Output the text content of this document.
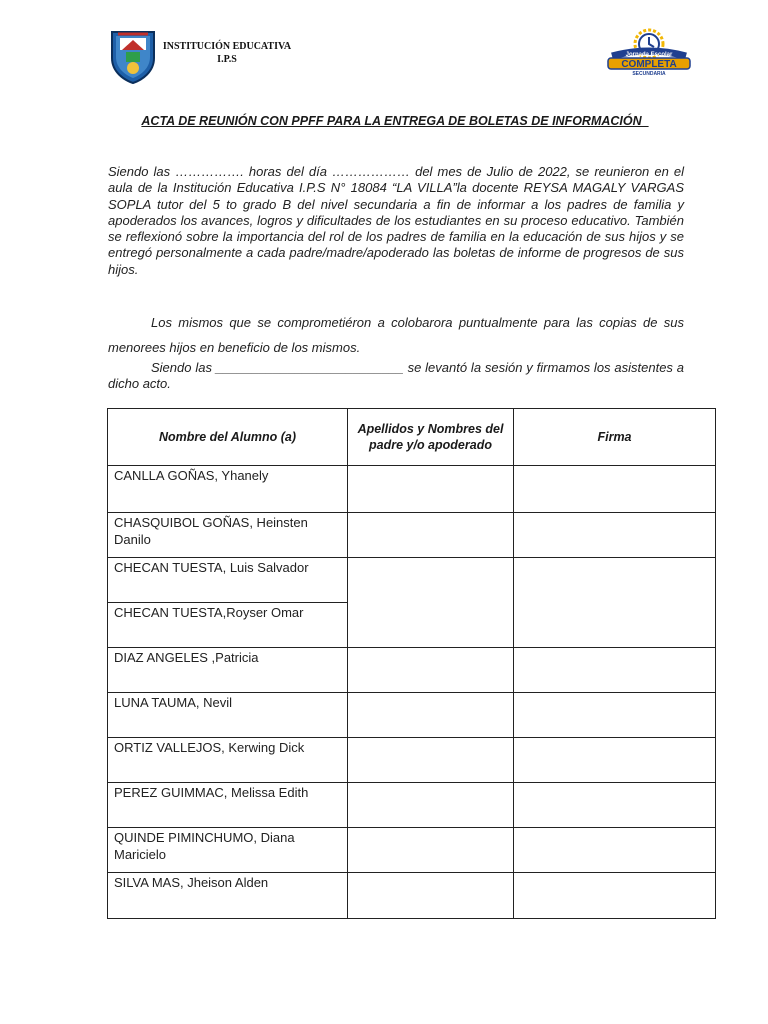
INSTITUCIÓN EDUCATIVA
I.P.S	Jornada Escolar
COMPLETA
SECUNDARIA
ACTA DE REUNIÓN CON PPFF PARA LA ENTREGA DE BOLETAS DE INFORMACIÓN
Siendo las ……………. horas del día ……………… del mes de Julio de 2022, se reunieron en el aula de la Institución Educativa I.P.S N° 18084 “LA VILLA”la docente REYSA MAGALY VARGAS SOPLA tutor del 5 to grado B del nivel secundaria a fin de informar a los padres de familia y apoderados los avances, logros y dificultades de los estudiantes en su proceso educativo. También se reflexionó sobre la importancia del rol de los padres de familia en la educación de sus hijos y se entregó personalmente a cada padre/madre/apoderado las boletas de informe de progresos de sus hijos.
Los mismos que se comprometiéron a colobarora puntualmente para las copias de sus menorees hijos en beneficio de los mismos.
Siendo las __________________________ se levantó la sesión y firmamos los asistentes a dicho acto.
Nombre del Alumno (a)	Apellidos y Nombres del padre y/o apoderado	Firma
CANLLA GOÑAS, Yhanely		
CHASQUIBOL GOÑAS, Heinsten Danilo		
CHECAN TUESTA, Luis Salvador		
CHECAN TUESTA,Royser Omar		
DIAZ ANGELES ,Patricia		
LUNA TAUMA, Nevil		
ORTIZ VALLEJOS, Kerwing Dick		
PEREZ GUIMMAC, Melissa Edith		
QUINDE PIMINCHUMO, Diana Maricielo		
SILVA MAS, Jheison Alden		
